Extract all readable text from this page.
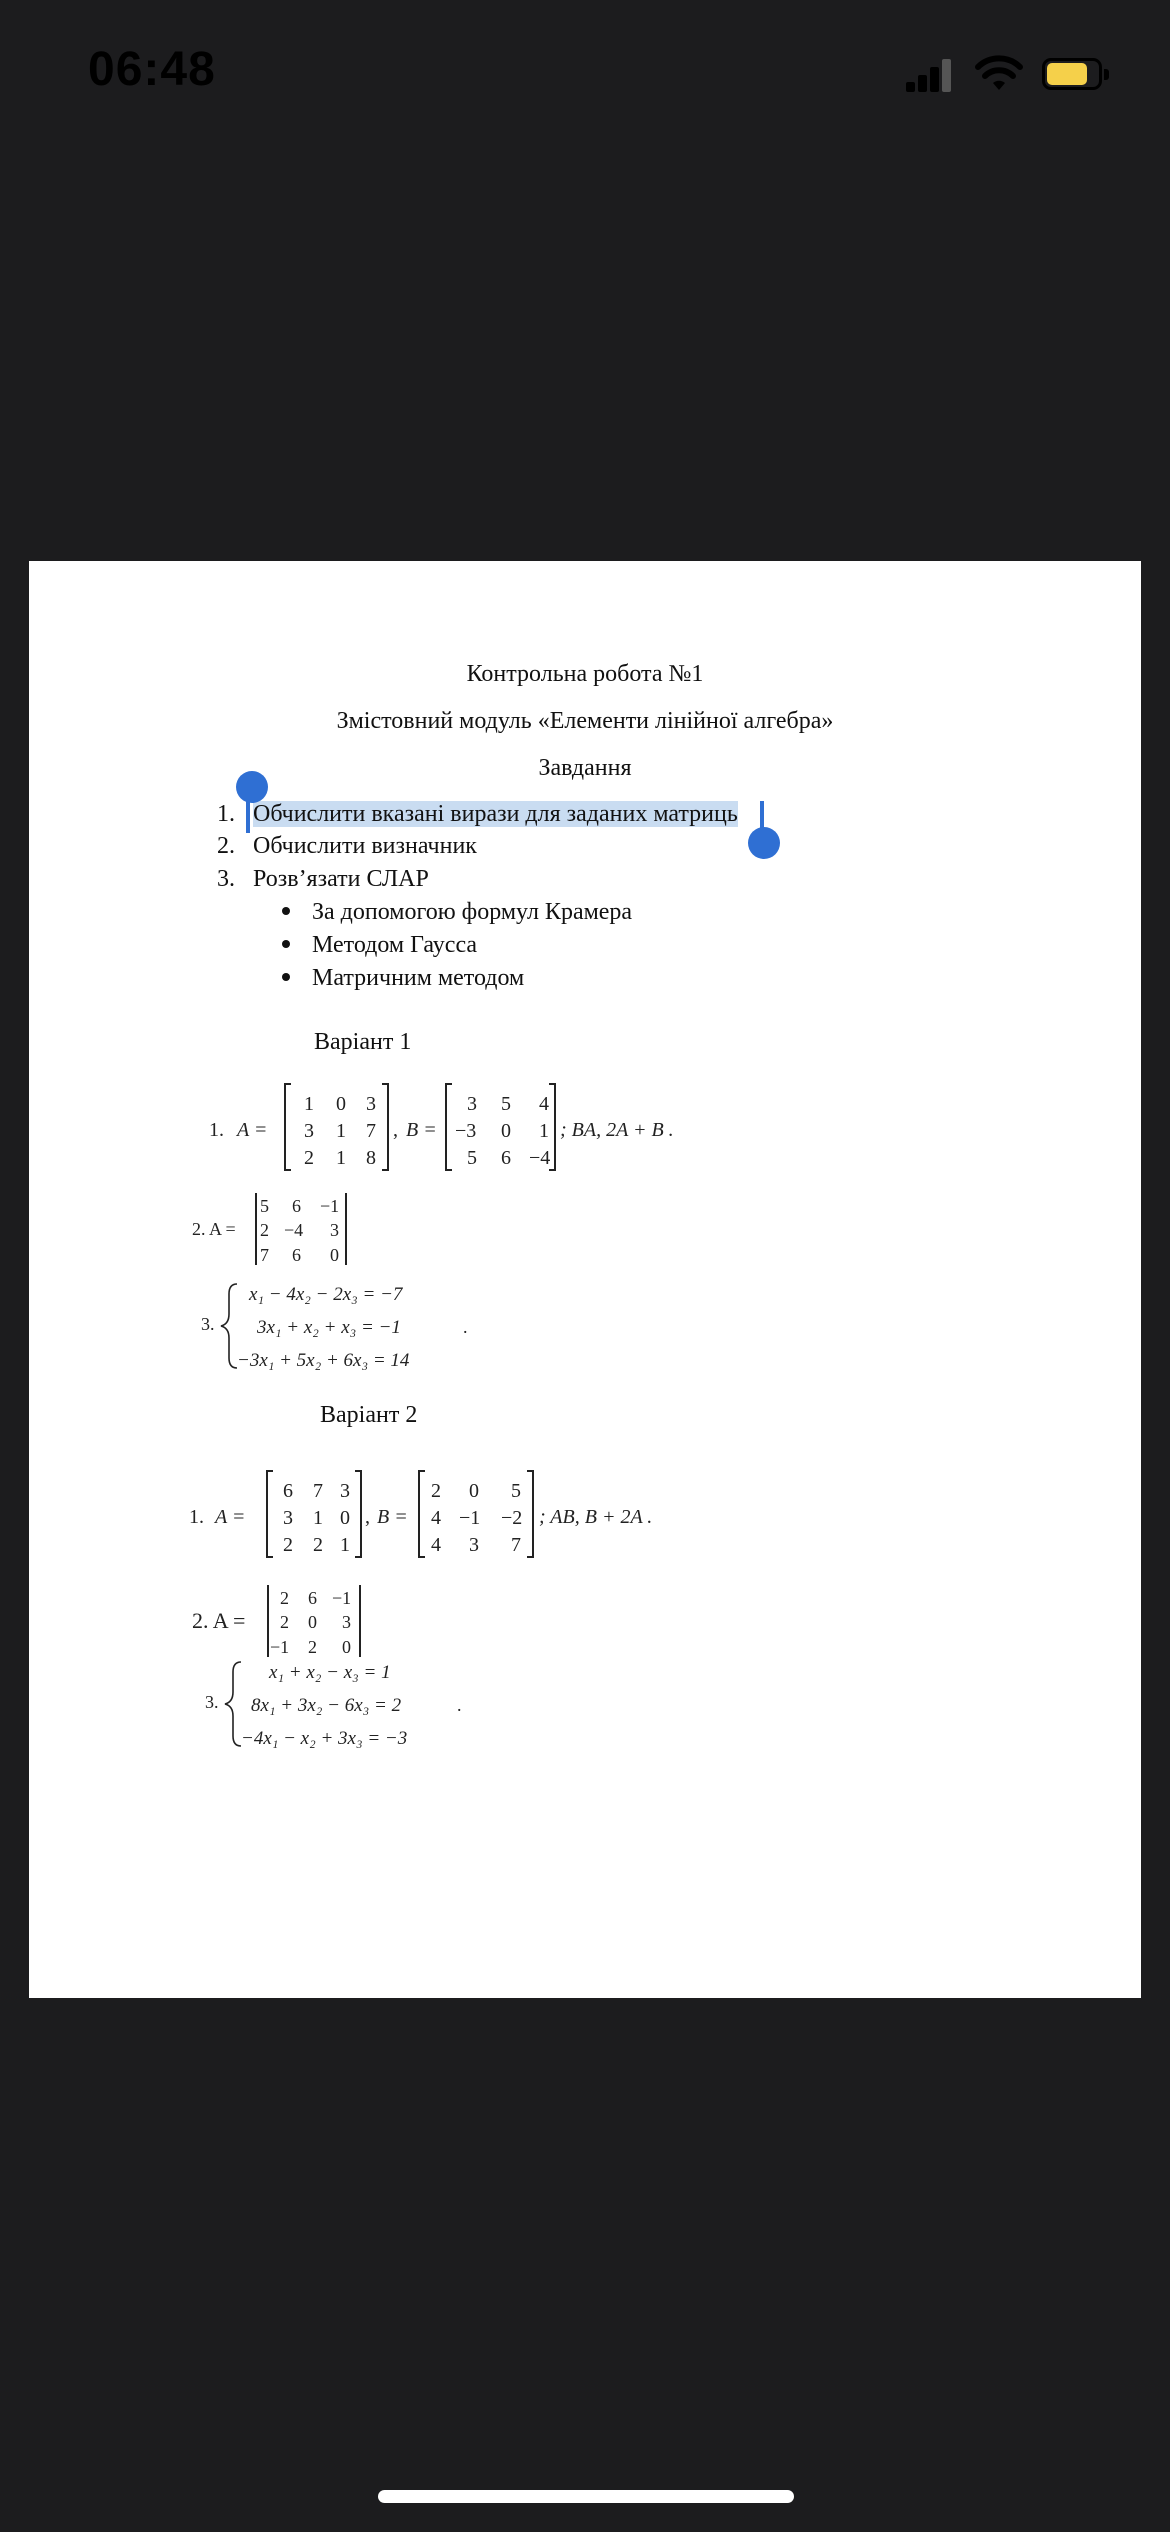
06:48
Контрольна робота №1
Змістовний модуль «Елементи лінійної алгебра»
Завдання
1. Обчислити вказані вирази для заданих матриць
2. Обчислити визначник
3. Розв’язати СЛАР
За допомогою формул Крамера
Методом Гаусса
Матричним методом
Варіант 1
1. A =
1 0 3
3 1 7
2 1 8
, B =
3 5 4
−3 0 1
5 6 −4
; BA, 2A + B .
2. A =
5 6 −1
2 −4 3
7 6 0
3.
x₁ − 4x₂ − 2x₃ = −7
3x₁ + x₂ + x₃ = −1
−3x₁ + 5x₂ + 6x₃ = 14
.
Варіант 2
1. A =
6 7 3
3 1 0
2 2 1
, B =
2 0 5
4 −1 −2
4 3 7
; AB, B + 2A .
2. A =
2 6 −1
2 0 3
−1 2 0
3.
x₁ + x₂ − x₃ = 1
8x₁ + 3x₂ − 6x₃ = 2
−4x₁ − x₂ + 3x₃ = −3
.
